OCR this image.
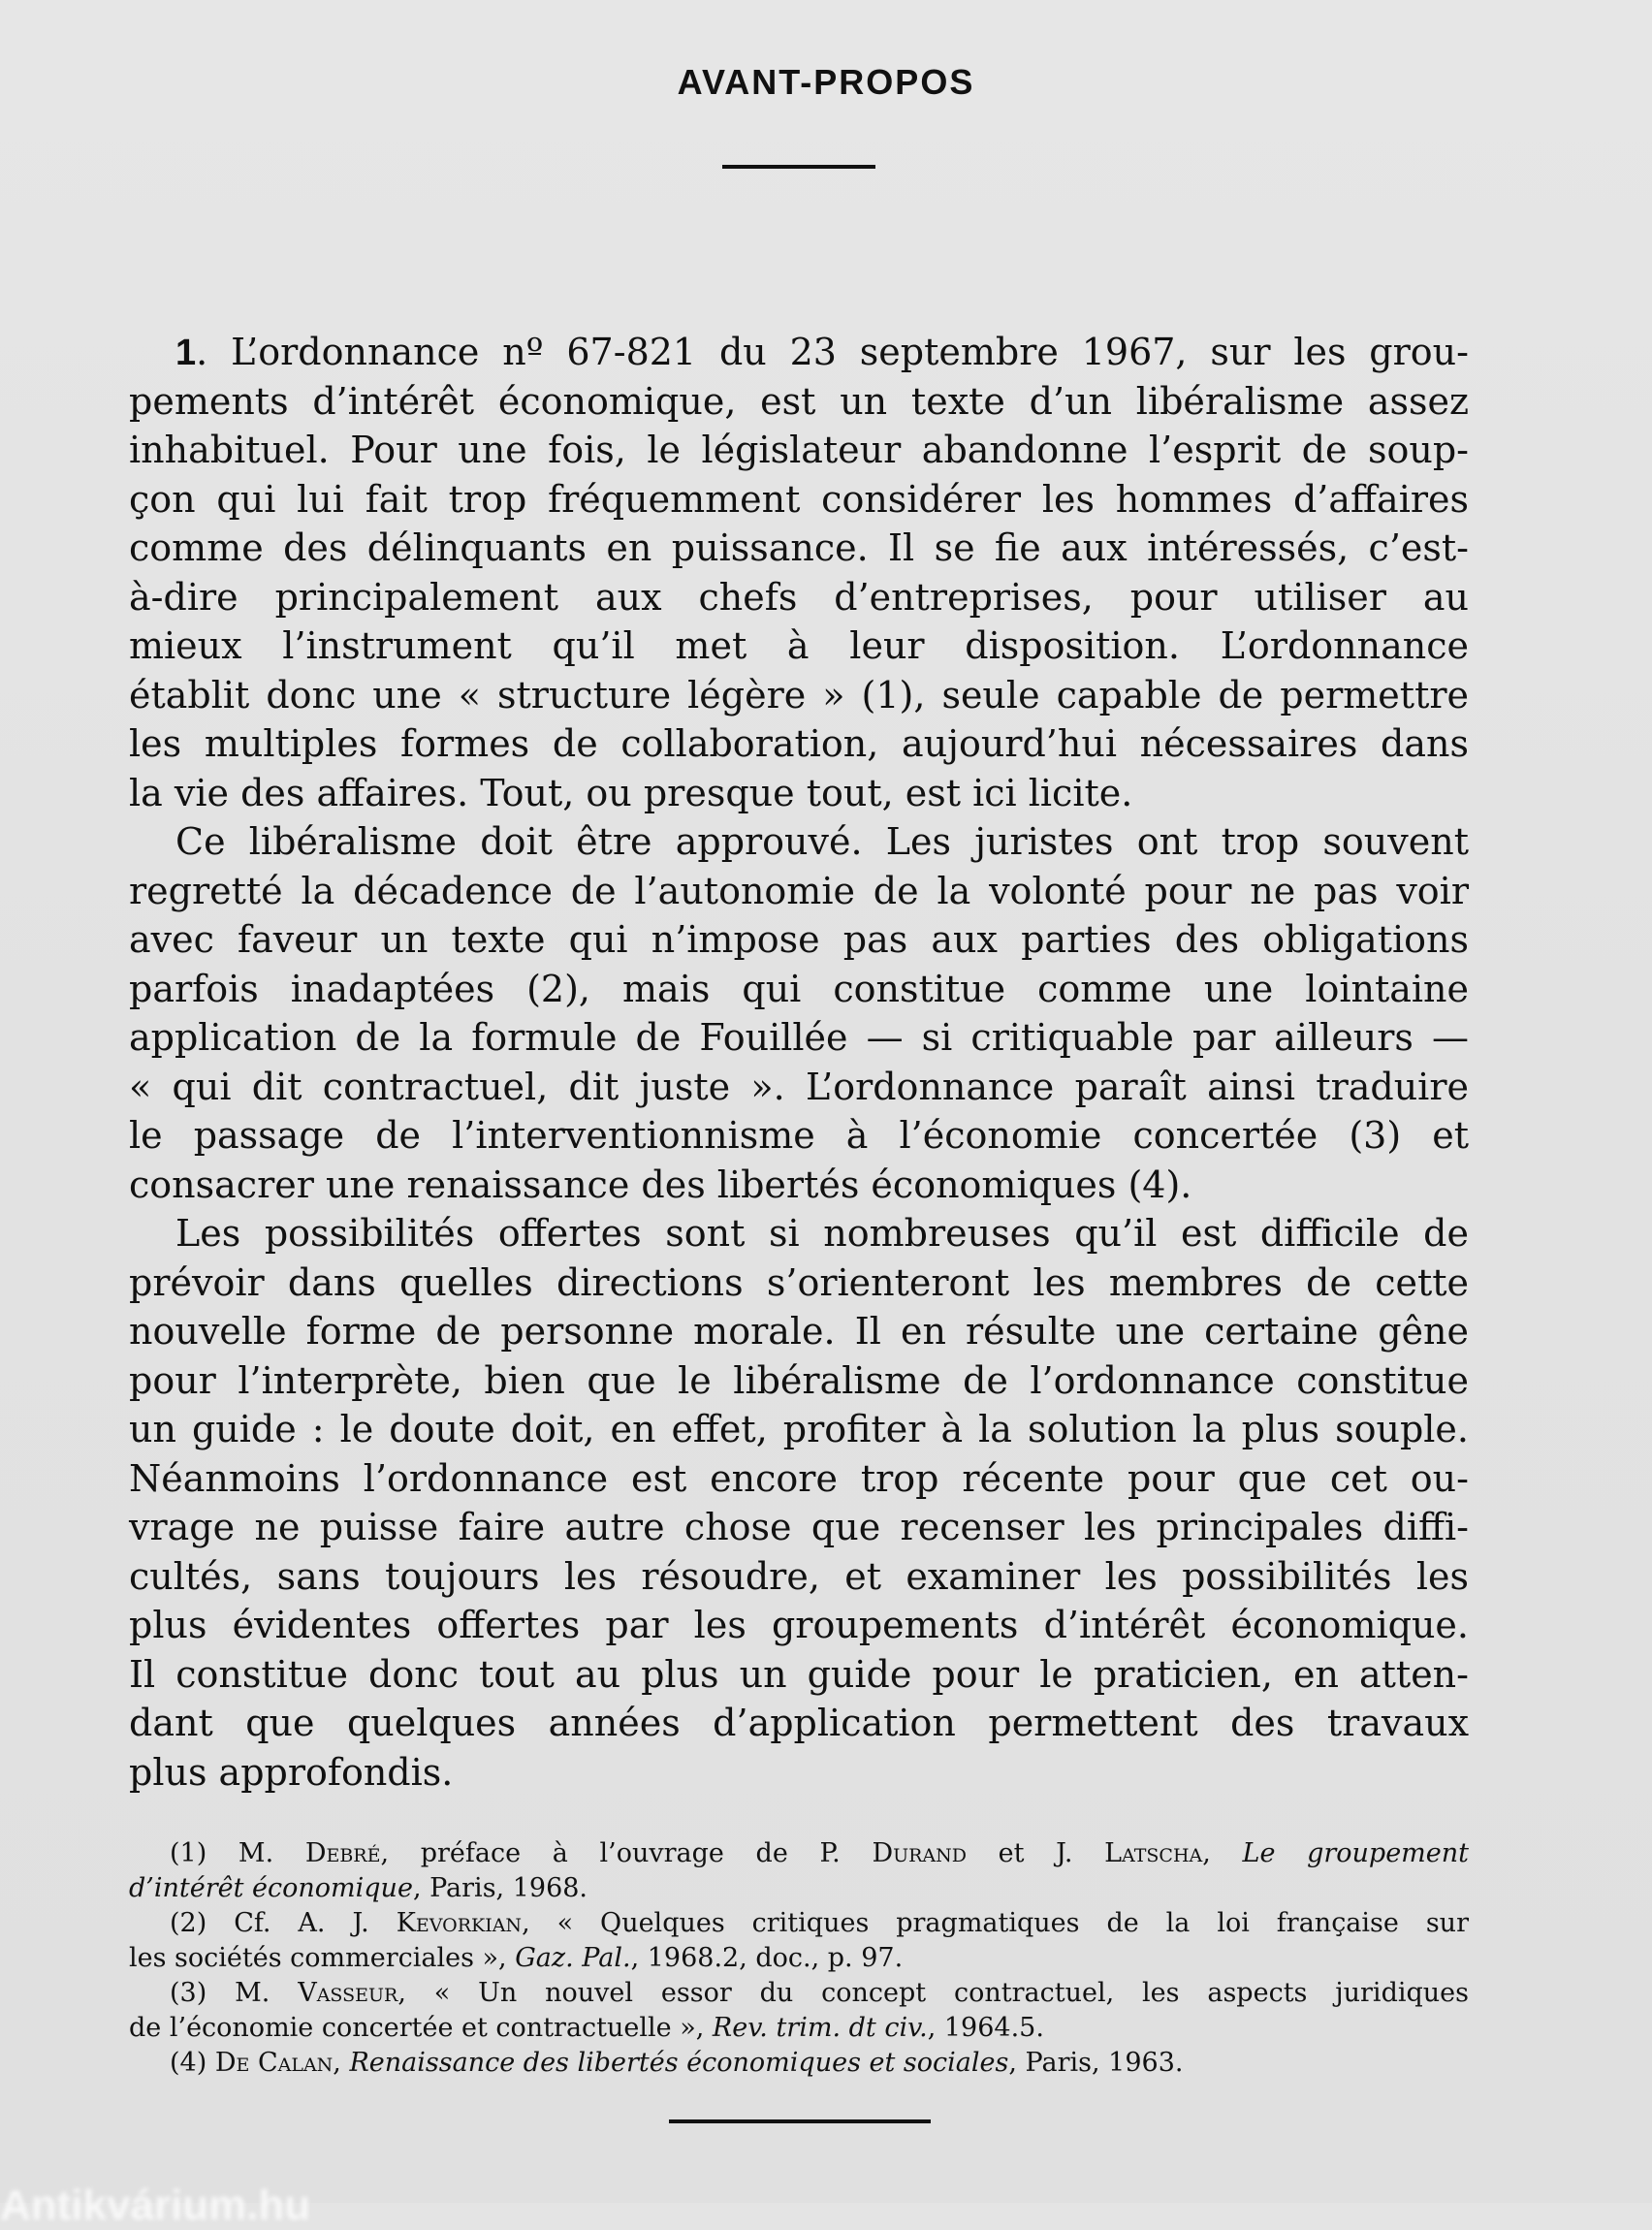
AVANT-PROPOS
1. L’ordonnance nº 67-821 du 23 septembre 1967, sur les grou-
pements d’intérêt économique, est un texte d’un libéralisme assez
inhabituel. Pour une fois, le législateur abandonne l’esprit de soup-
çon qui lui fait trop fréquemment considérer les hommes d’affaires
comme des délinquants en puissance. Il se fie aux intéressés, c’est-
à-dire principalement aux chefs d’entreprises, pour utiliser au
mieux l’instrument qu’il met à leur disposition. L’ordonnance
établit donc une « structure légère » (1), seule capable de permettre
les multiples formes de collaboration, aujourd’hui nécessaires dans
la vie des affaires. Tout, ou presque tout, est ici licite.
Ce libéralisme doit être approuvé. Les juristes ont trop souvent
regretté la décadence de l’autonomie de la volonté pour ne pas voir
avec faveur un texte qui n’impose pas aux parties des obligations
parfois inadaptées (2), mais qui constitue comme une lointaine
application de la formule de Fouillée — si critiquable par ailleurs —
« qui dit contractuel, dit juste ». L’ordonnance paraît ainsi traduire
le passage de l’interventionnisme à l’économie concertée (3) et
consacrer une renaissance des libertés économiques (4).
Les possibilités offertes sont si nombreuses qu’il est difficile de
prévoir dans quelles directions s’orienteront les membres de cette
nouvelle forme de personne morale. Il en résulte une certaine gêne
pour l’interprète, bien que le libéralisme de l’ordonnance constitue
un guide : le doute doit, en effet, profiter à la solution la plus souple.
Néanmoins l’ordonnance est encore trop récente pour que cet ou-
vrage ne puisse faire autre chose que recenser les principales diffi-
cultés, sans toujours les résoudre, et examiner les possibilités les
plus évidentes offertes par les groupements d’intérêt économique.
Il constitue donc tout au plus un guide pour le praticien, en atten-
dant que quelques années d’application permettent des travaux
plus approfondis.
(1) M. Debré, préface à l’ouvrage de P. Durand et J. Latscha, Le groupement
d’intérêt économique, Paris, 1968.
(2) Cf. A. J. Kevorkian, « Quelques critiques pragmatiques de la loi française sur
les sociétés commerciales », Gaz. Pal., 1968.2, doc., p. 97.
(3) M. Vasseur, « Un nouvel essor du concept contractuel, les aspects juridiques
de l’économie concertée et contractuelle », Rev. trim. dt civ., 1964.5.
(4) De Calan, Renaissance des libertés économiques et sociales, Paris, 1963.
Antikvárium.hu
